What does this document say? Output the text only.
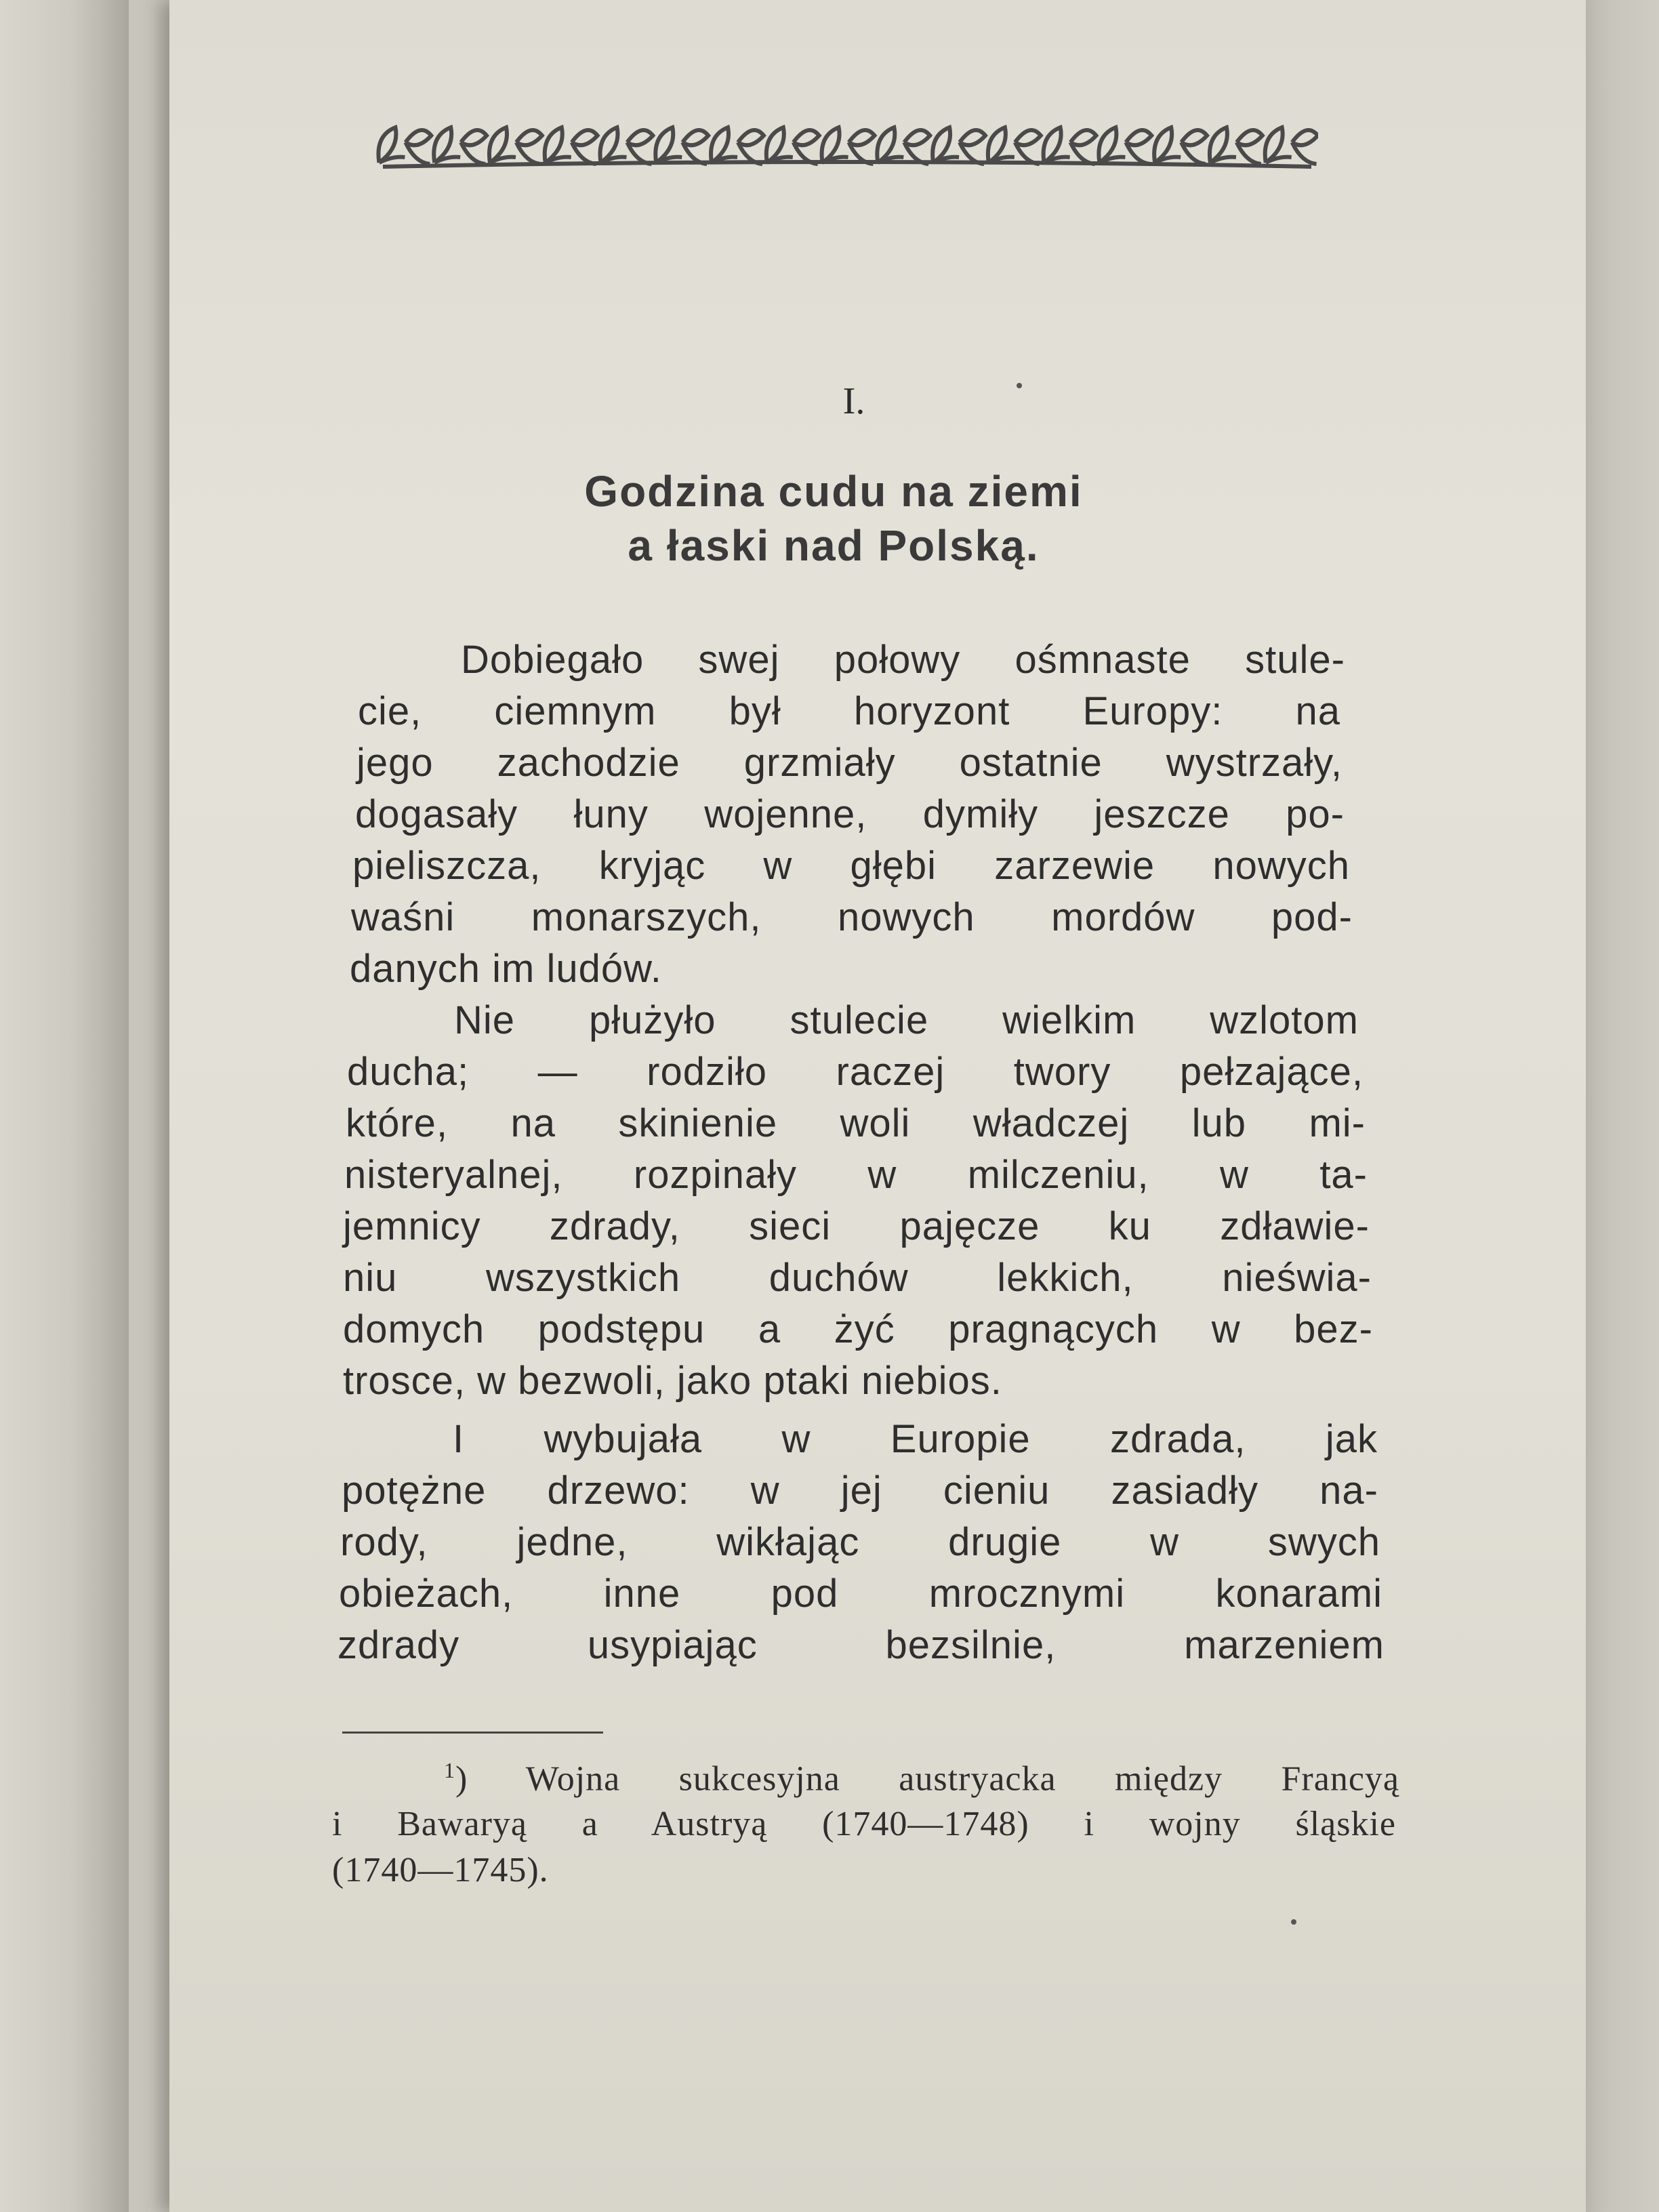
I.
Godzina cudu na ziemi
a łaski nad Polską.
Dobiegało swej połowy ośmnaste stule-
cie, ciemnym był horyzont Europy: na
jego zachodzie grzmiały ostatnie wystrzały,
dogasały łuny wojenne, dymiły jeszcze po-
pieliszcza, kryjąc w głębi zarzewie nowych
waśni monarszych, nowych mordów pod-
danych im ludów.
Nie płużyło stulecie wielkim wzlotom
ducha; — rodziło raczej twory pełzające,
które, na skinienie woli władczej lub mi-
nisteryalnej, rozpinały w milczeniu, w ta-
jemnicy zdrady, sieci pajęcze ku zdławie-
niu wszystkich duchów lekkich, nieświa-
domych podstępu a żyć pragnących w bez-
trosce, w bezwoli, jako ptaki niebios.
I wybujała w Europie zdrada, jak
potężne drzewo: w jej cieniu zasiadły na-
rody, jedne, wikłając drugie w swych
obieżach, inne pod mrocznymi konarami
zdrady usypiając bezsilnie, marzeniem
$^1$) Wojna sukcesyjna austryacka między Francyą
i Bawaryą a Austryą (1740—1748) i wojny śląskie
(1740—1745).
